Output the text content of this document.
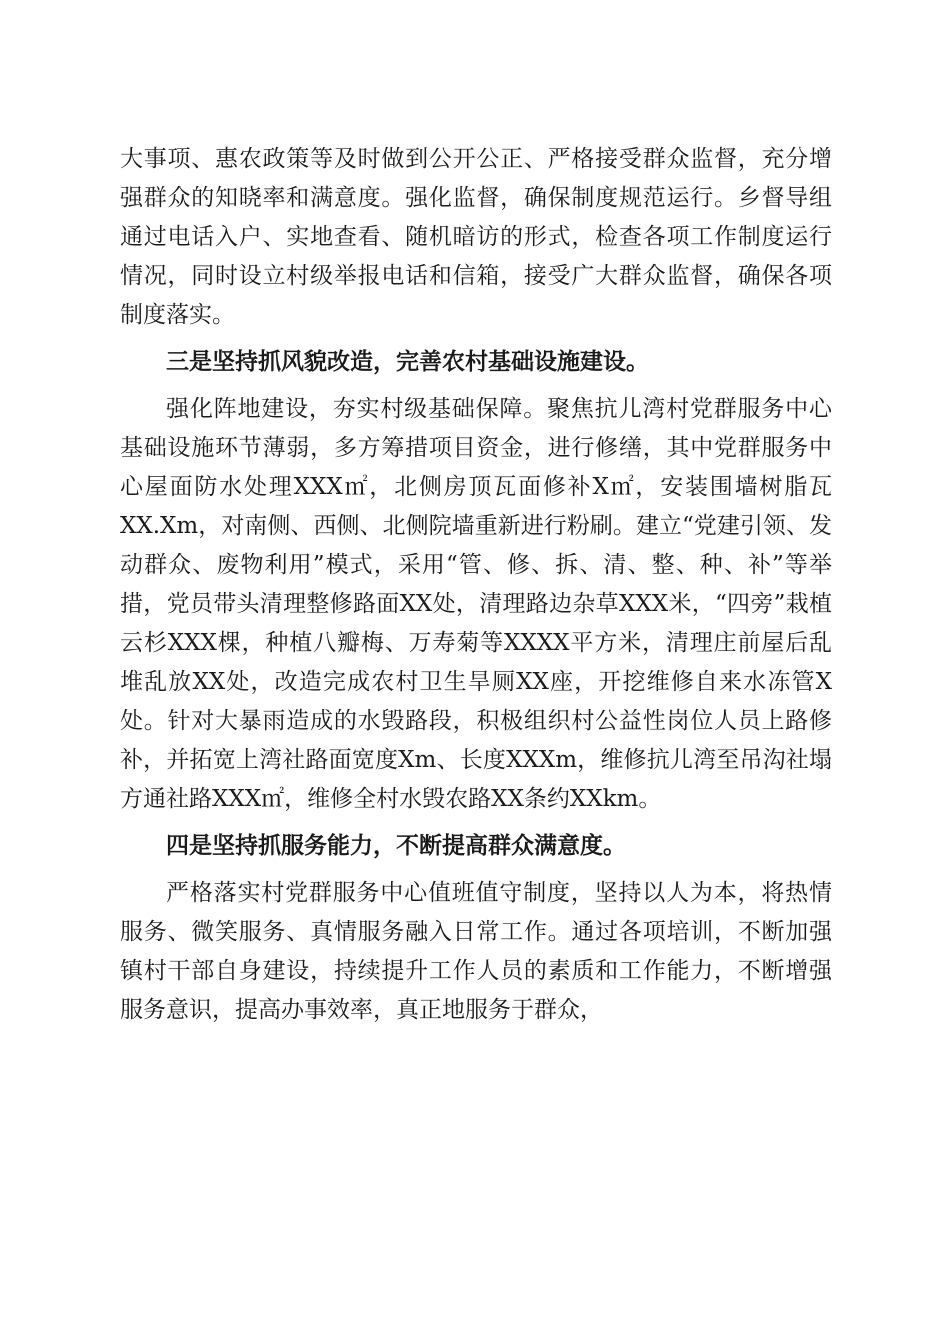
大事项、惠农政策等及时做到公开公正、严格接受群众监督，充分增强群众的知晓率和满意度。强化监督，确保制度规范运行。乡督导组通过电话入户、实地查看、随机暗访的形式，检查各项工作制度运行情况，同时设立村级举报电话和信箱，接受广大群众监督，确保各项制度落实。

三是坚持抓风貌改造，完善农村基础设施建设。

强化阵地建设，夯实村级基础保障。聚焦抗儿湾村党群服务中心基础设施环节薄弱，多方筹措项目资金，进行修缮，其中党群服务中心屋面防水处理XXX㎡，北侧房顶瓦面修补X㎡，安装围墙树脂瓦XX.Xm，对南侧、西侧、北侧院墙重新进行粉刷。建立“党建引领、发动群众、废物利用”模式，采用“管、修、拆、清、整、种、补”等举措，党员带头清理整修路面XX处，清理路边杂草XXX米，“四旁”栽植云杉XXX棵，种植八瓣梅、万寿菊等XXXX平方米，清理庄前屋后乱堆乱放XX处，改造完成农村卫生旱厕XX座，开挖维修自来水冻管X处。针对大暴雨造成的水毁路段，积极组织村公益性岗位人员上路修补，并拓宽上湾社路面宽度Xm、长度XXXm，维修抗儿湾至吊沟社塌方通社路XXX㎡，维修全村水毁农路XX条约XXkm。

四是坚持抓服务能力，不断提高群众满意度。

严格落实村党群服务中心值班值守制度，坚持以人为本，将热情服务、微笑服务、真情服务融入日常工作。通过各项培训，不断加强镇村干部自身建设，持续提升工作人员的素质和工作能力，不断增强服务意识，提高办事效率，真正地服务于群众，
